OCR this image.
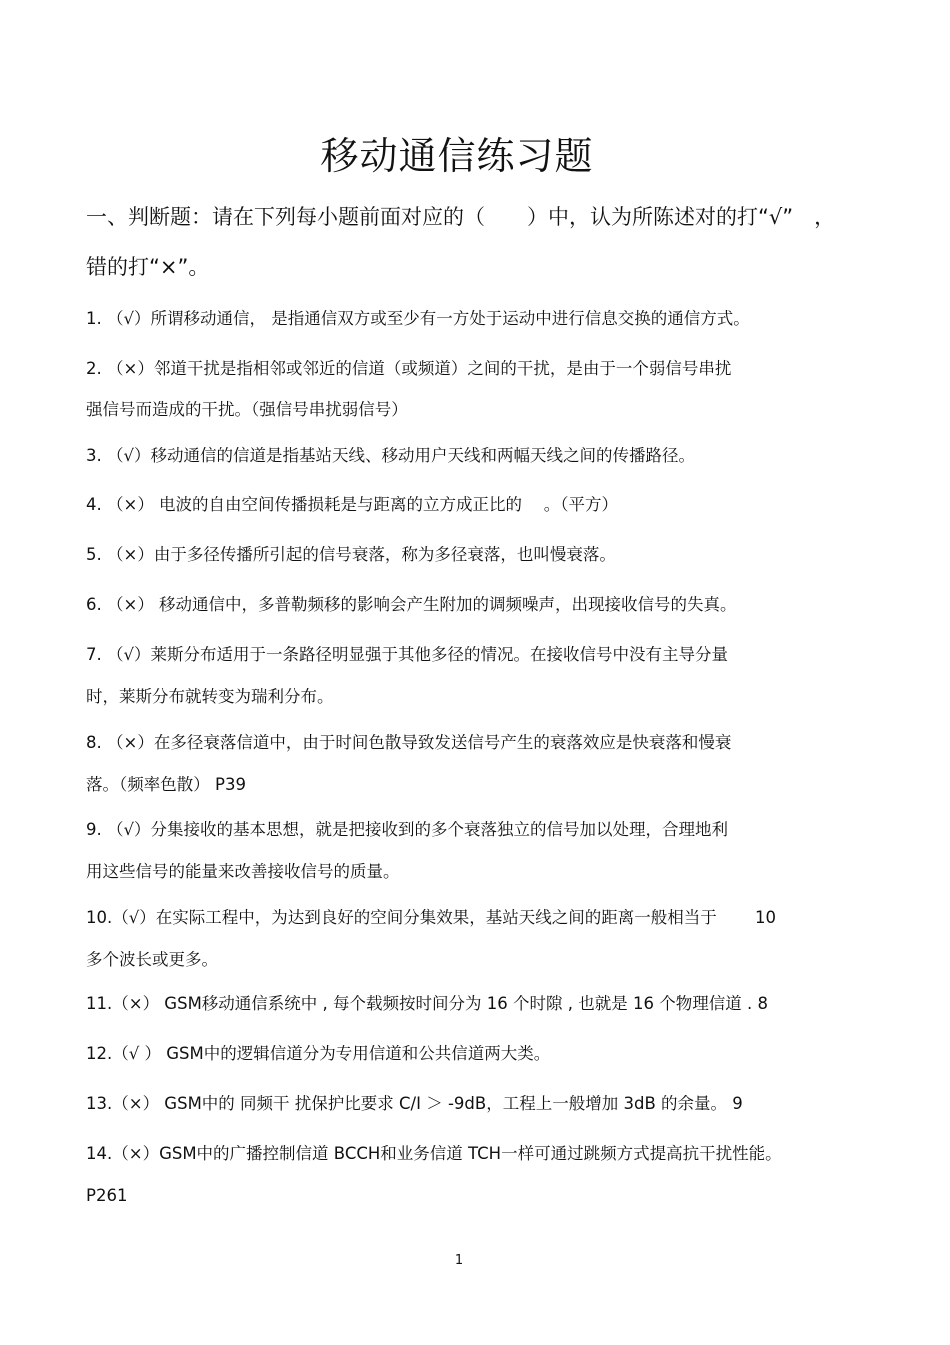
移动通信练习题
一、判断题：请在下列每小题前面对应的（　　）中，认为所陈述对的打“√”　，
错的打“×”。
1. （√）所谓移动通信， 是指通信双方或至少有一方处于运动中进行信息交换的通信方式。
2. （×）邻道干扰是指相邻或邻近的信道（或频道）之间的干扰，是由于一个弱信号串扰
强信号而造成的干扰。（强信号串扰弱信号）
3. （√）移动通信的信道是指基站天线、移动用户天线和两幅天线之间的传播路径。
4. （×） 电波的自由空间传播损耗是与距离的立方成正比的　 。（平方）
5. （×）由于多径传播所引起的信号衰落，称为多径衰落，也叫慢衰落。
6. （×） 移动通信中，多普勒频移的影响会产生附加的调频噪声，出现接收信号的失真。
7. （√）莱斯分布适用于一条路径明显强于其他多径的情况。在接收信号中没有主导分量
时，莱斯分布就转变为瑞利分布。
8. （×）在多径衰落信道中，由于时间色散导致发送信号产生的衰落效应是快衰落和慢衰
落。（频率色散） P39
9. （√）分集接收的基本思想，就是把接收到的多个衰落独立的信号加以处理，合理地利
用这些信号的能量来改善接收信号的质量。
10.（√）在实际工程中，为达到良好的空间分集效果，基站天线之间的距离一般相当于　　 10
多个波长或更多。
11.（×） GSM移动通信系统中 , 每个载频按时间分为 16 个时隙 , 也就是 16 个物理信道 . 8
12.（√ ） GSM中的逻辑信道分为专用信道和公共信道两大类。
13.（×） GSM中的 同频干 扰保护比要求 C/I ＞ -9dB，工程上一般增加 3dB 的余量。 9
14.（×）GSM中的广播控制信道 BCCH和业务信道 TCH一样可通过跳频方式提高抗干扰性能。
P261
1
